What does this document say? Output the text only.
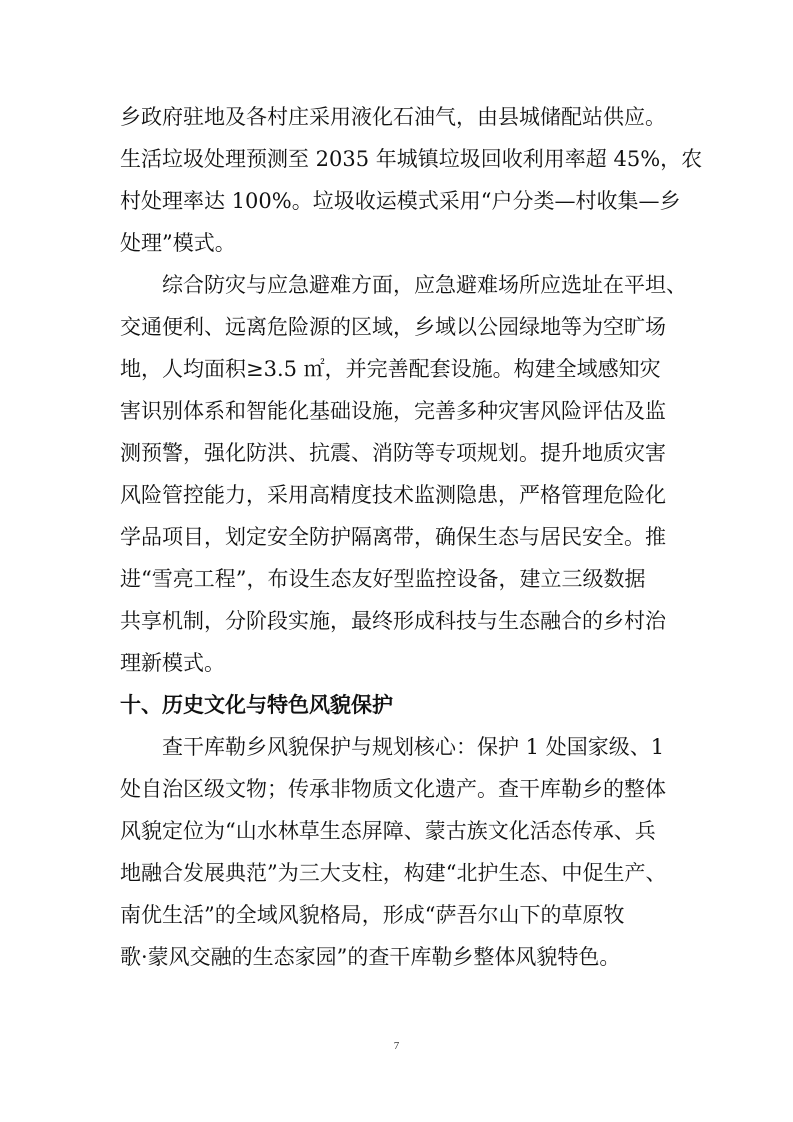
乡政府驻地及各村庄采用液化石油气，由县城储配站供应。
生活垃圾处理预测至 2035 年城镇垃圾回收利用率超 45%，农
村处理率达 100%。垃圾收运模式采用“户分类—村收集—乡
处理”模式。
综合防灾与应急避难方面，应急避难场所应选址在平坦、
交通便利、远离危险源的区域，乡域以公园绿地等为空旷场
地，人均面积≥3.5 ㎡，并完善配套设施。构建全域感知灾
害识别体系和智能化基础设施，完善多种灾害风险评估及监
测预警，强化防洪、抗震、消防等专项规划。提升地质灾害
风险管控能力，采用高精度技术监测隐患，严格管理危险化
学品项目，划定安全防护隔离带，确保生态与居民安全。推
进“雪亮工程”，布设生态友好型监控设备，建立三级数据
共享机制，分阶段实施，最终形成科技与生态融合的乡村治
理新模式。
十、历史文化与特色风貌保护
查干库勒乡风貌保护与规划核心：保护 1 处国家级、1
处自治区级文物；传承非物质文化遗产。查干库勒乡的整体
风貌定位为“山水林草生态屏障、蒙古族文化活态传承、兵
地融合发展典范”为三大支柱，构建“北护生态、中促生产、
南优生活”的全域风貌格局，形成“萨吾尔山下的草原牧
歌·蒙风交融的生态家园”的查干库勒乡整体风貌特色。
7
